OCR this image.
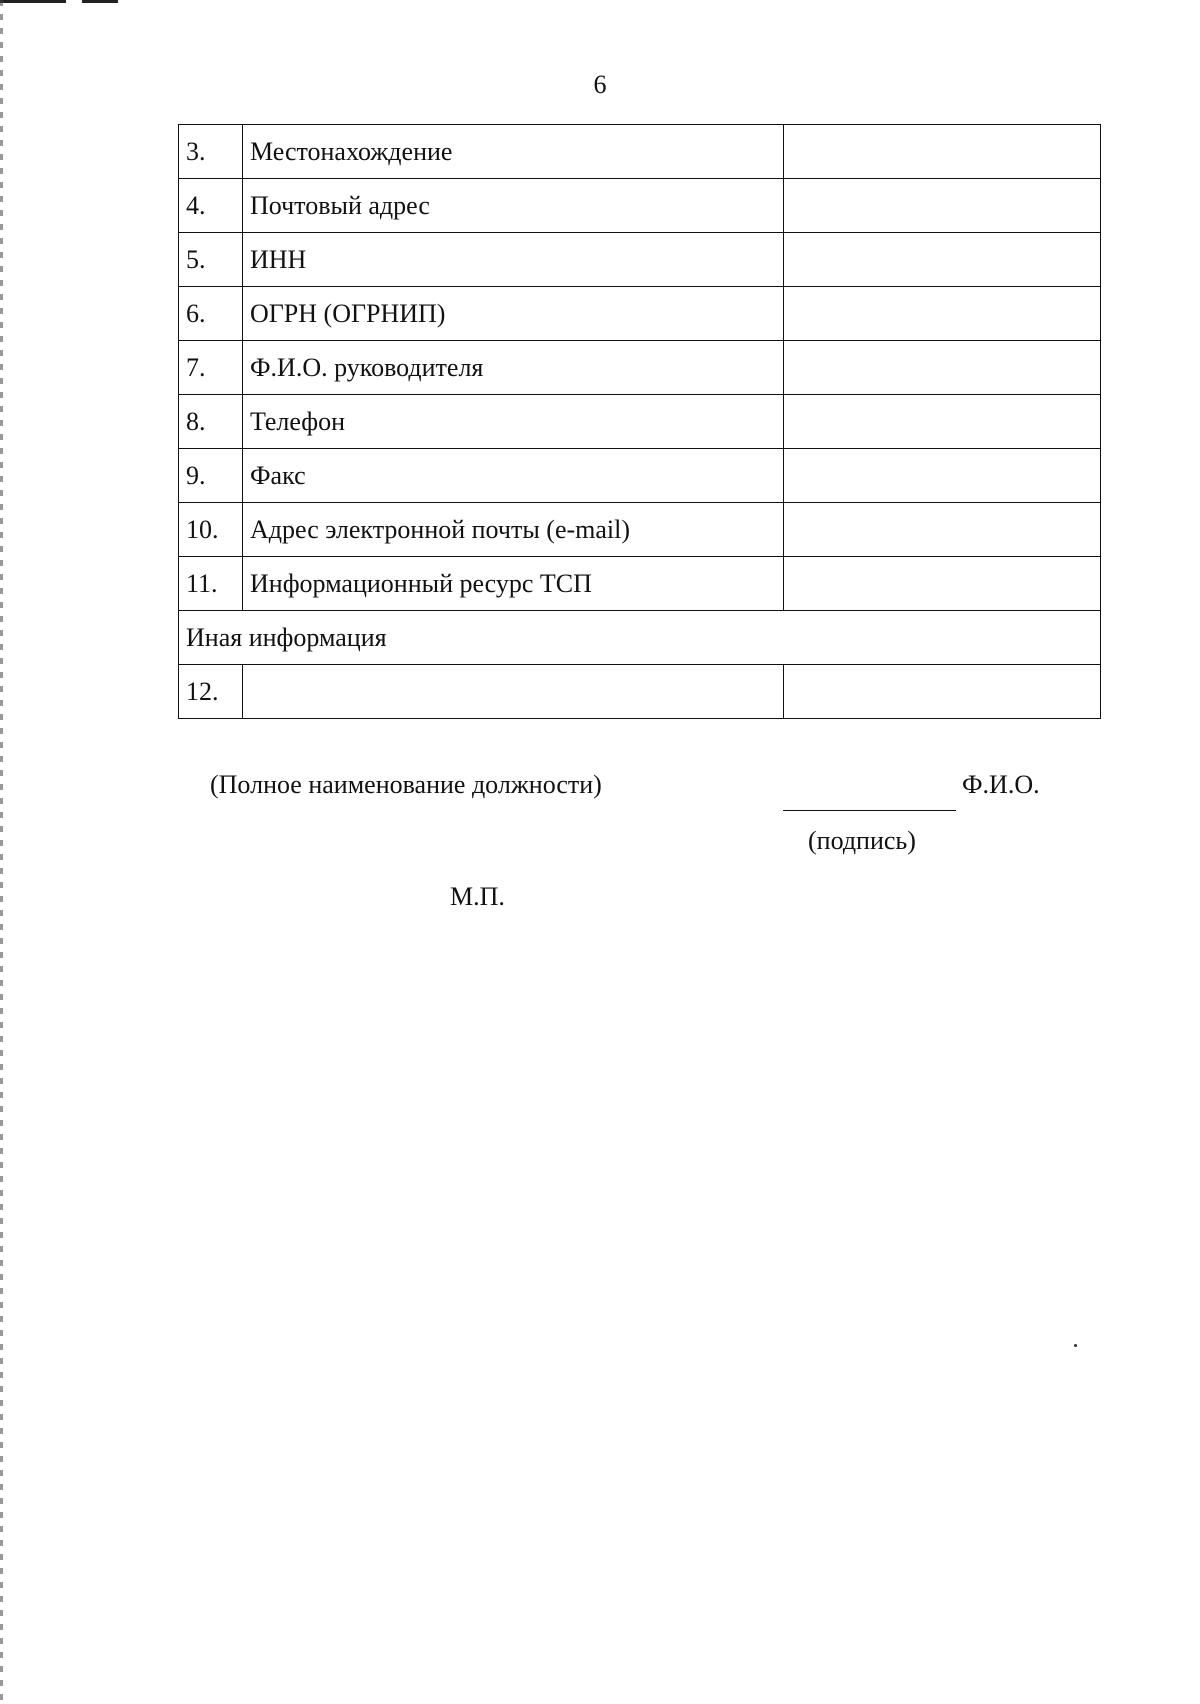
6
3.	Местонахождение	
4.	Почтовый адрес	
5.	ИНН	
6.	ОГРН (ОГРНИП)	
7.	Ф.И.О. руководителя	
8.	Телефон	
9.	Факс	
10.	Адрес электронной почты (e-mail)	
11.	Информационный ресурс ТСП	
Иная информация		
12.		
(Полное наименование должности)	Ф.И.О.
(подпись)
М.П.
